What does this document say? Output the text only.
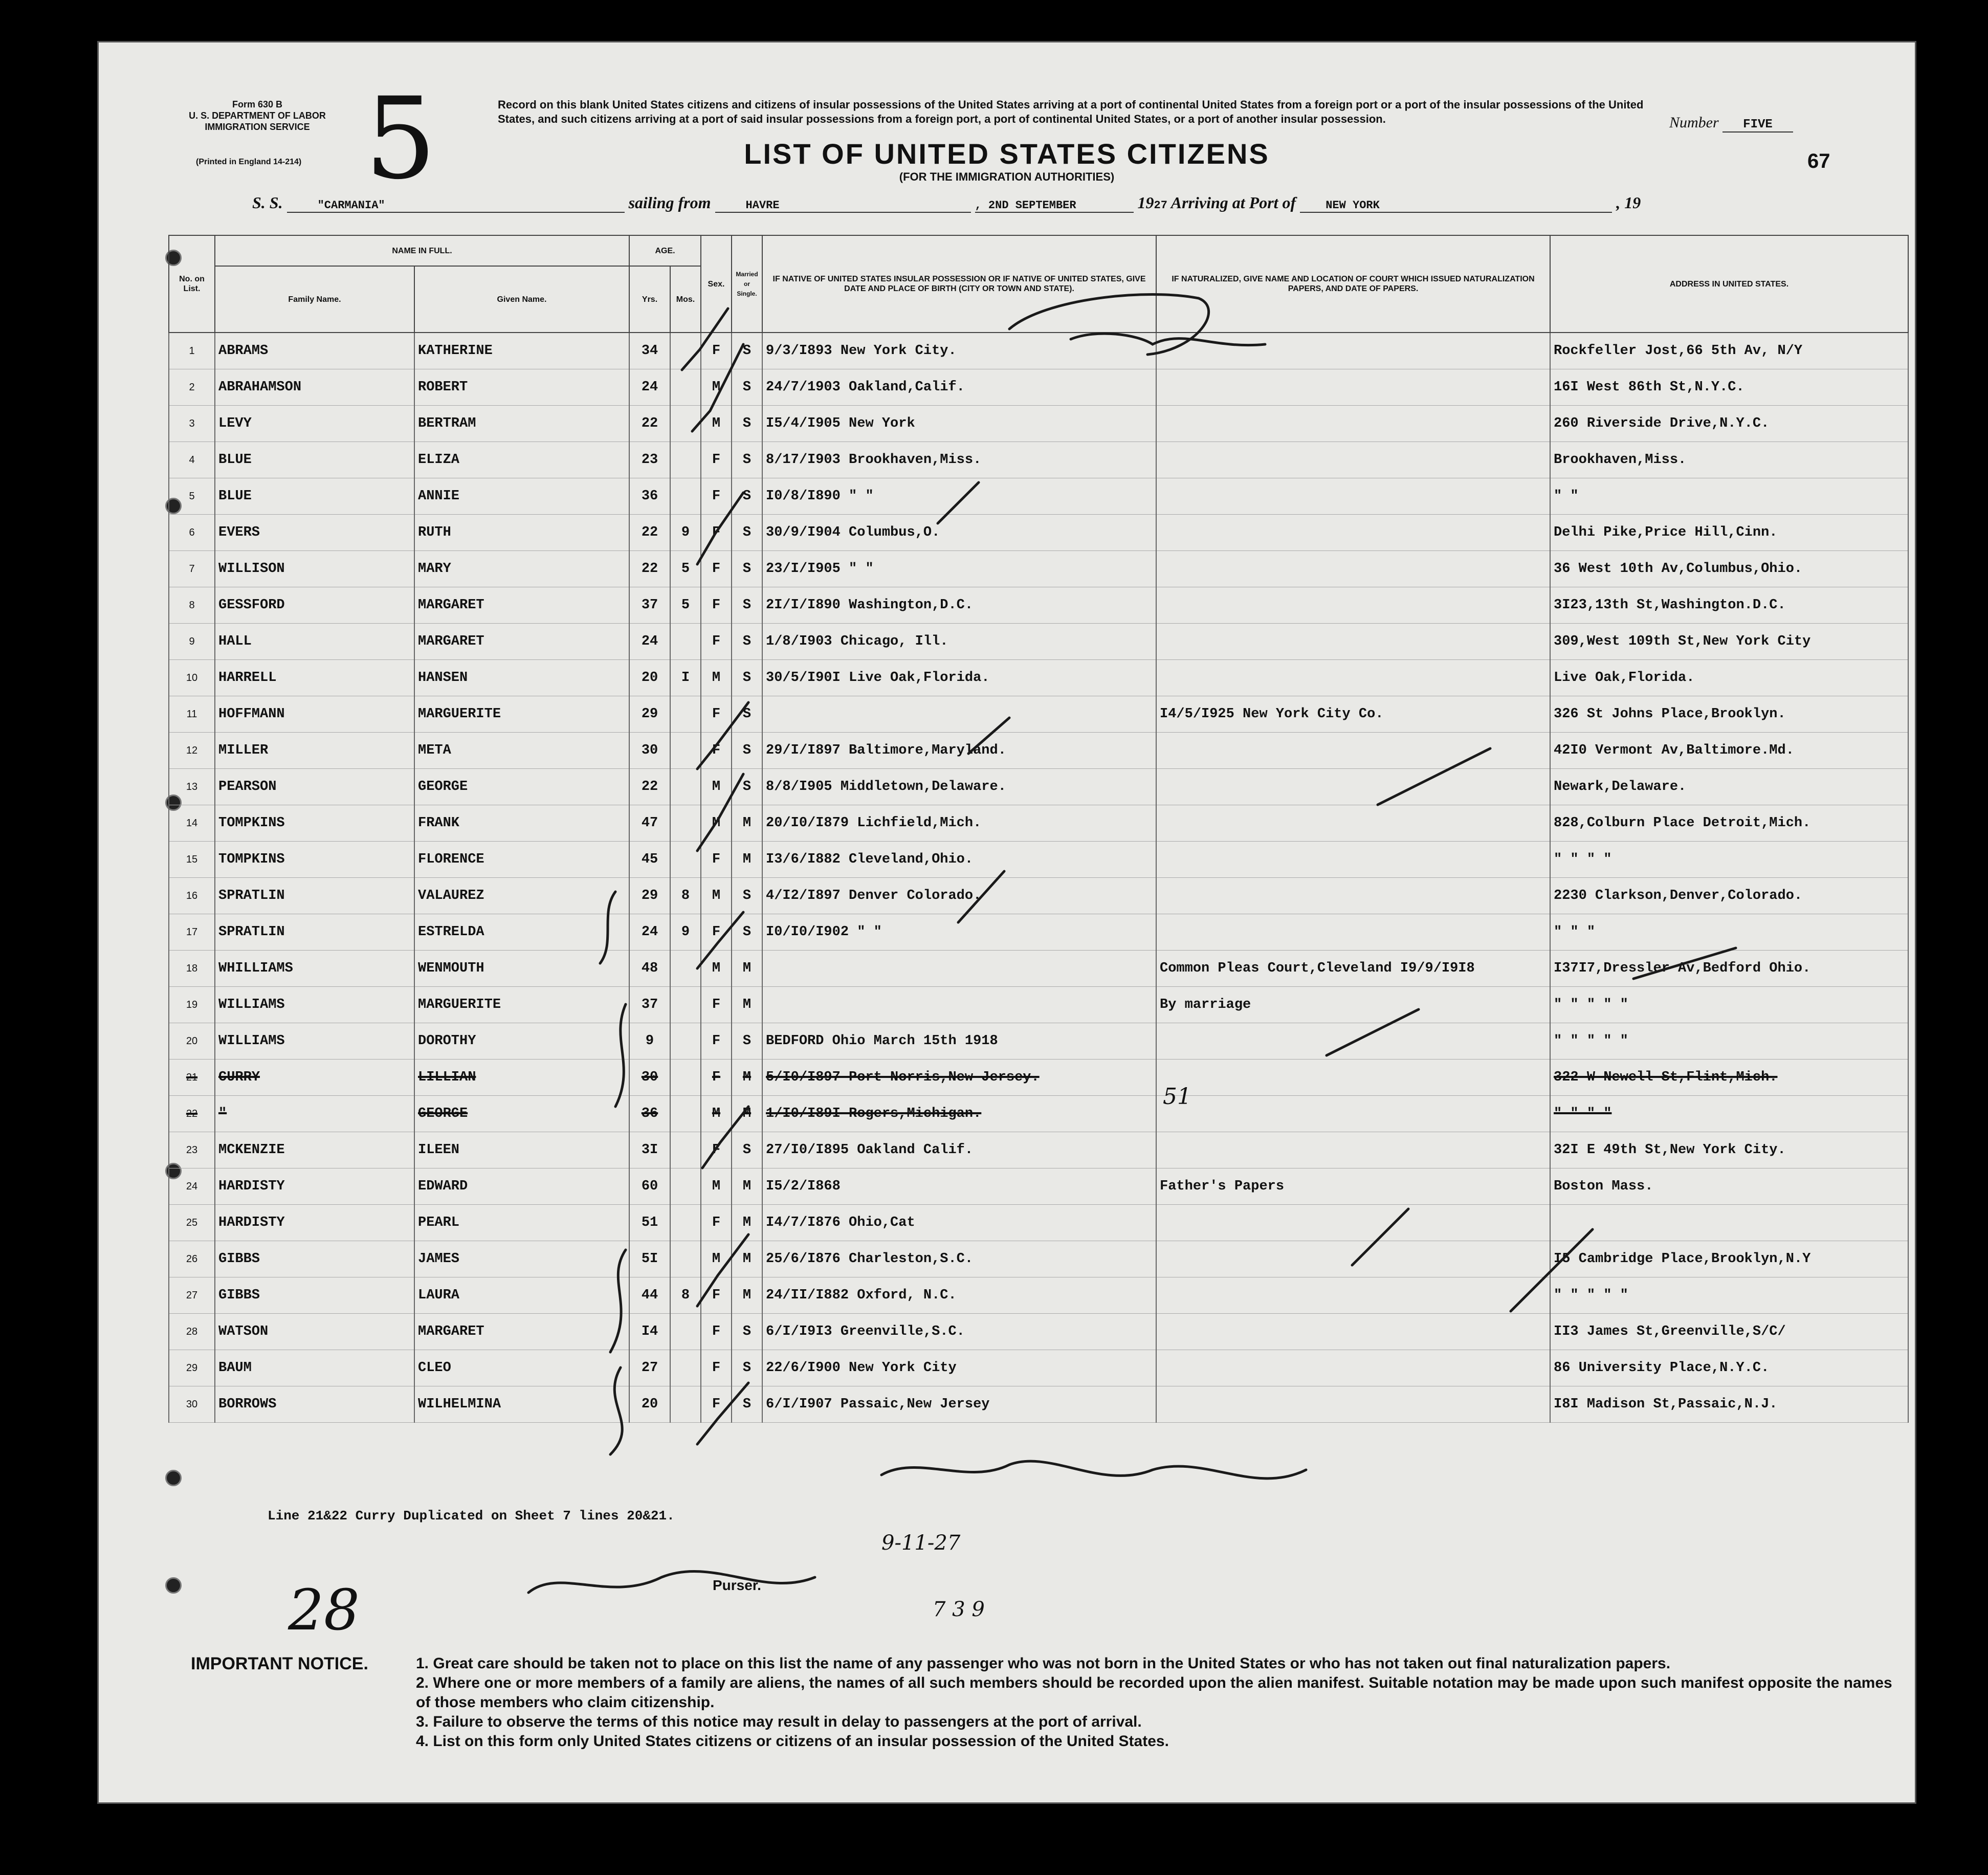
Form 630 B
U. S. DEPARTMENT OF LABOR
IMMIGRATION SERVICE
(Printed in England 14-214) 5	Record on this blank United States citizens and citizens of insular possessions of the United States arriving at a port of continental United States from a foreign port or a port of the insular possessions of the United States, and such citizens arriving at a port of said insular possessions from a foreign port, a port of continental United States, or a port of another insular possession.	Number FIVE
67
LIST OF UNITED STATES CITIZENS
(FOR THE IMMIGRATION AUTHORITIES)
S. S.	"CARMANIA"	sailing from	HAVRE	, 2ND SEPTEMBER	1927 Arriving at Port of	NEW YORK	, 19
No. on List.	NAME IN FULL.		AGE.		Sex.	Married or Single.	IF NATIVE OF UNITED STATES INSULAR POSSESSION OR IF NATIVE OF UNITED STATES, GIVE DATE AND PLACE OF BIRTH (CITY OR TOWN AND STATE).	IF NATURALIZED, GIVE NAME AND LOCATION OF COURT WHICH ISSUED NATURALIZATION PAPERS, AND DATE OF PAPERS.	ADDRESS IN UNITED STATES.
	Family Name.	Given Name.	Yrs.	Mos.					
1	ABRAMS	KATHERINE	34		F	S	9/3/I893 New York City.		Rockfeller Jost,66 5th Av, N/Y
2	ABRAHAMSON	ROBERT	24		M	S	24/7/1903 Oakland,Calif.		16I West 86th St,N.Y.C.
3	LEVY	BERTRAM	22		M	S	I5/4/I905 New York		260 Riverside Drive,N.Y.C.
4	BLUE	ELIZA	23		F	S	8/17/I903 Brookhaven,Miss.		Brookhaven,Miss.
5	BLUE	ANNIE	36		F	S	I0/8/I890 " "		" "
6	EVERS	RUTH	22	9	F	S	30/9/I904 Columbus,O.		Delhi Pike,Price Hill,Cinn.
7	WILLISON	MARY	22	5	F	S	23/I/I905 " "		36 West 10th Av,Columbus,Ohio.
8	GESSFORD	MARGARET	37	5	F	S	2I/I/I890 Washington,D.C.		3I23,13th St,Washington.D.C.
9	HALL	MARGARET	24		F	S	1/8/I903 Chicago, Ill.		309,West 109th St,New York City
10	HARRELL	HANSEN	20	I	M	S	30/5/I90I Live Oak,Florida.		Live Oak,Florida.
11	HOFFMANN	MARGUERITE	29		F	S		I4/5/I925 New York City Co.	326 St Johns Place,Brooklyn.
12	MILLER	META	30		F	S	29/I/I897 Baltimore,Maryland.		42I0 Vermont Av,Baltimore.Md.
13	PEARSON	GEORGE	22		M	S	8/8/I905 Middletown,Delaware.		Newark,Delaware.
14	TOMPKINS	FRANK	47		M	M	20/I0/I879 Lichfield,Mich.		828,Colburn Place Detroit,Mich.
15	TOMPKINS	FLORENCE	45		F	M	I3/6/I882 Cleveland,Ohio.		" " " "
16	SPRATLIN	VALAUREZ	29	8	M	S	4/I2/I897 Denver Colorado.		2230 Clarkson,Denver,Colorado.
17	SPRATLIN	ESTRELDA	24	9	F	S	I0/I0/I902 " "		" " "
18	WHILLIAMS	WENMOUTH	48		M	M		Common Pleas Court,Cleveland I9/9/I9I8	I37I7,Dressler Av,Bedford Ohio.
19	WILLIAMS	MARGUERITE	37		F	M		By marriage	" " " " "
20	WILLIAMS	DOROTHY	9		F	S	BEDFORD Ohio March 15th 1918		" " " " "
21	CURRY	LILLIAN	30		F	M	5/I0/I897 Port Norris,New Jersey.		322 W Newell St,Flint,Mich.
22	"	GEORGE	36		M	M	1/I0/I89I Rogers,Michigan.		" " " "
23	MCKENZIE	ILEEN	3I		F	S	27/I0/I895 Oakland Calif.		32I E 49th St,New York City.
24	HARDISTY	EDWARD	60		M	M	I5/2/I868	Father's Papers	Boston Mass.
25	HARDISTY	PEARL	51		F	M	I4/7/I876 Ohio,Cat		
26	GIBBS	JAMES	5I		M	M	25/6/I876 Charleston,S.C.		I5 Cambridge Place,Brooklyn,N.Y
27	GIBBS	LAURA	44	8	F	M	24/II/I882 Oxford, N.C.		" " " " "
28	WATSON	MARGARET	I4		F	S	6/I/I9I3 Greenville,S.C.		II3 James St,Greenville,S/C/
29	BAUM	CLEO	27		F	S	22/6/I900 New York City		86 University Place,N.Y.C.
30	BORROWS	WILHELMINA	20		F	S	6/I/I907 Passaic,New Jersey		I8I Madison St,Passaic,N.J.
Line 21&22 Curry Duplicated on Sheet 7 lines 20&21.
51
28	Purser.
9-11-27
7 3 9
IMPORTANT NOTICE.	1. Great care should be taken not to place on this list the name of any passenger who was not born in the United States or who has not taken out final naturalization papers.
2. Where one or more members of a family are aliens, the names of all such members should be recorded upon the alien manifest. Suitable notation may be made upon such manifest opposite the names of those members who claim citizenship.
3. Failure to observe the terms of this notice may result in delay to passengers at the port of arrival.
4. List on this form only United States citizens or citizens of an insular possession of the United States.
